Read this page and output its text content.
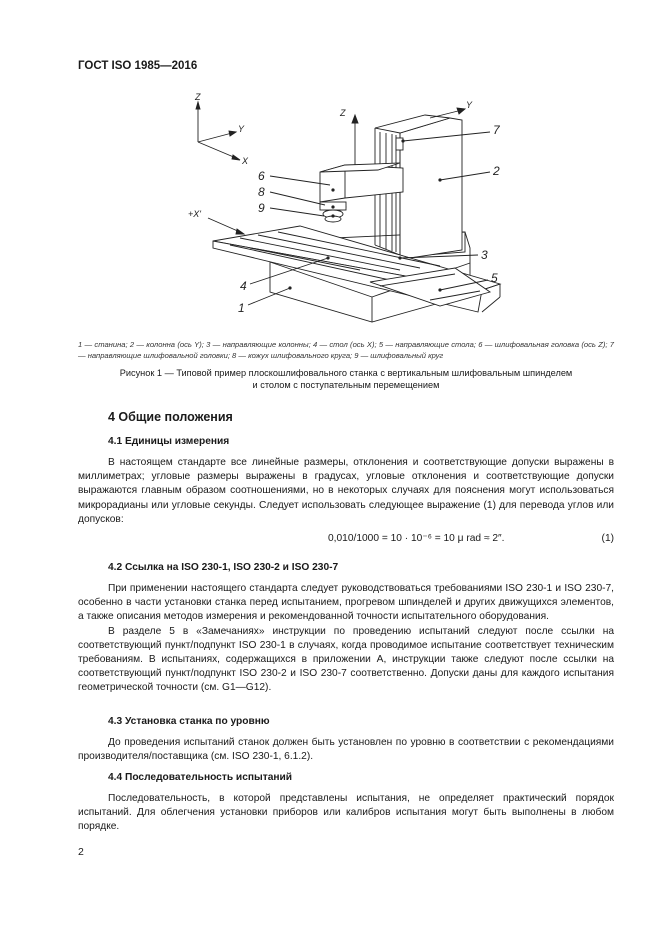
ГОСТ ISO 1985—2016
Z
Y
X
Z
Y
+X'
1
2
3
4
5
6
7
8
9
1 — станина; 2 — колонна (ось Y); 3 — направляющие колонны; 4 — стол (ось X); 5 — направляющие стола; 6 — шлифовальная головка (ось Z); 7 — направляющие шлифовальной головки; 8 — кожух шлифовального круга; 9 — шлифовальный круг
Рисунок 1 — Типовой пример плоскошлифовального станка с вертикальным шлифовальным шпинделем
и столом с поступательным перемещением
4 Общие положения
4.1 Единицы измерения

В настоящем стандарте все линейные размеры, отклонения и соответствующие допуски выражены в миллиметрах; угловые размеры выражены в градусах, угловые отклонения и соответствующие допуски выражаются главным образом соотношениями, но в некоторых случаях для пояснения могут использоваться микрорадианы или угловые секунды. Следует использовать следующее выражение (1) для перевода углов или допусков:

0,010/1000 = 10 · 10⁻⁶ = 10 μ rad ≈ 2″.	(1)
4.2 Ссылка на ISO 230-1, ISO 230-2 и ISO 230-7

При применении настоящего стандарта следует руководствоваться требованиями ISO 230-1 и ISO 230-7, особенно в части установки станка перед испытанием, прогревом шпинделей и других движущихся элементов, а также описания методов измерения и рекомендованной точности испытательного оборудования.

В разделе 5 в «Замечаниях» инструкции по проведению испытаний следуют после ссылки на соответствующий пункт/подпункт ISO 230-1 в случаях, когда проводимое испытание соответствует техническим требованиям. В испытаниях, содержащихся в приложении А, инструкции также следуют после ссылки на соответствующий пункт/подпункт ISO 230-2 и ISO 230-7 соответственно. Допуски даны для каждого испытания геометрической точности (см. G1—G12).

4.3 Установка станка по уровню

До проведения испытаний станок должен быть установлен по уровню в соответствии с рекомендациями производителя/поставщика (см. ISO 230-1, 6.1.2).

4.4 Последовательность испытаний

Последовательность, в которой представлены испытания, не определяет практический порядок испытаний. Для облегчения установки приборов или калибров испытания могут быть выполнены в любом порядке.

2
